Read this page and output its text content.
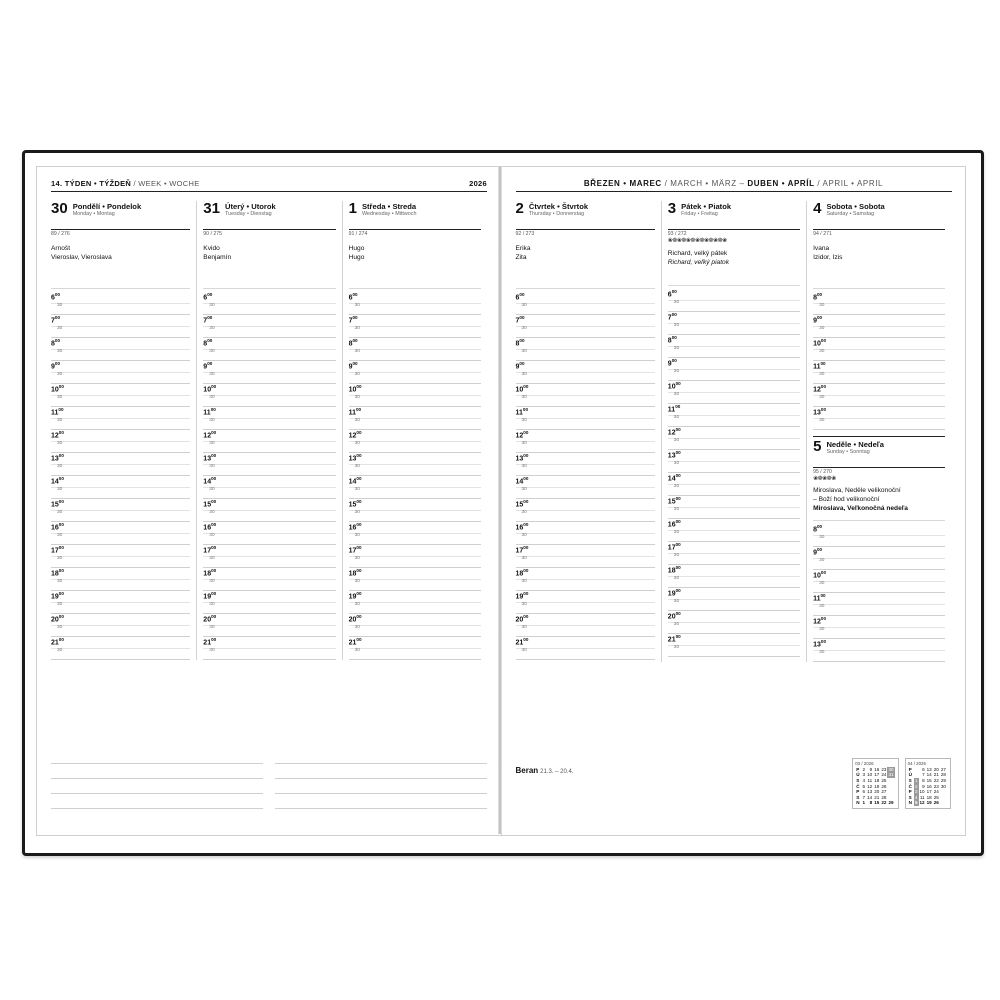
14. TÝDEN • TÝŽDEŇ / WEEK • WOCHE	2026
30 Pondělí • Pondelok
Monday • Montag
89 / 276
Arnošt
Vieroslav, Vieroslava
$6^{00}$
30
$7^{00}$
30
$8^{00}$
30
$9^{00}$
30
$10^{00}$
30
$11^{00}$
30
$12^{00}$
30
$13^{00}$
30
$14^{00}$
30
$15^{00}$
30
$16^{00}$
30
$17^{00}$
30
$18^{00}$
30
$19^{00}$
30
$20^{00}$
30
$21^{00}$
30
31 Úterý • Utorok
Tuesday • Dienstag
90 / 275
Kvido
Benjamín
$6^{00}$
30
$7^{00}$
30
$8^{00}$
30
$9^{00}$
30
$10^{00}$
30
$11^{00}$
30
$12^{00}$
30
$13^{00}$
30
$14^{00}$
30
$15^{00}$
30
$16^{00}$
30
$17^{00}$
30
$18^{00}$
30
$19^{00}$
30
$20^{00}$
30
$21^{00}$
30
1 Středa • Streda
Wednesday • Mittwoch
91 / 274
Hugo
Hugo
$6^{00}$
30
$7^{00}$
30
$8^{00}$
30
$9^{00}$
30
$10^{00}$
30
$11^{00}$
30
$12^{00}$
30
$13^{00}$
30
$14^{00}$
30
$15^{00}$
30
$16^{00}$
30
$17^{00}$
30
$18^{00}$
30
$19^{00}$
30
$20^{00}$
30
$21^{00}$
30
BŘEZEN • MAREC / MARCH • MÄRZ – DUBEN • APRÍL / APRIL • APRIL
2 Čtvrtek • Štvrtok
Thursday • Donnerstag
92 / 273
Erika
Zita
$6^{00}$
30
$7^{00}$
30
$8^{00}$
30
$9^{00}$
30
$10^{00}$
30
$11^{00}$
30
$12^{00}$
30
$13^{00}$
30
$14^{00}$
30
$15^{00}$
30
$16^{00}$
30
$17^{00}$
30
$18^{00}$
30
$19^{00}$
30
$20^{00}$
30
$21^{00}$
30
3 Pátek • Piatok
Friday • Freitag
93 / 272
❀❁❀❁❀❁❀❁❀❁❀❁❀
Richard, velký pátek
Richard, veľký piatok
$6^{00}$
30
$7^{00}$
30
$8^{00}$
30
$9^{00}$
30
$10^{00}$
30
$11^{00}$
30
$12^{00}$
30
$13^{00}$
30
$14^{00}$
30
$15^{00}$
30
$16^{00}$
30
$17^{00}$
30
$18^{00}$
30
$19^{00}$
30
$20^{00}$
30
$21^{00}$
30
4 Sobota • Sobota
Saturday • Samstag
94 / 271
Ivana
Izidor, Izis
$8^{00}$
30
$9^{00}$
30
$10^{00}$
30
$11^{00}$
30
$12^{00}$
30
$13^{00}$
30
5 Neděle • Nedeľa
Sunday • Sonntag
95 / 270
❀❁❀❁❀
Miroslava, Neděle velikonoční
– Boží hod velikonoční
Miroslava, Veľkonočná nedeľa
$8^{00}$
30
$9^{00}$
30
$10^{00}$
30
$11^{00}$
30
$12^{00}$
30
$13^{00}$
30
Beran 21.3. – 20.4.
03 / 2026
P	2	9	16	23	30
Ú	3	10	17	24	31
S	4	11	18	25	
Č	5	12	19	26	
P	6	13	20	27	
S	7	14	21	28	
N	1	8	15	22	29
04 / 2026
P		6	13	20	27
Ú		7	14	21	28
S	1	8	15	22	29
Č	2	9	16	23	30
P	3	10	17	24	
S	4	11	18	25	
N	5	12	19	26	
